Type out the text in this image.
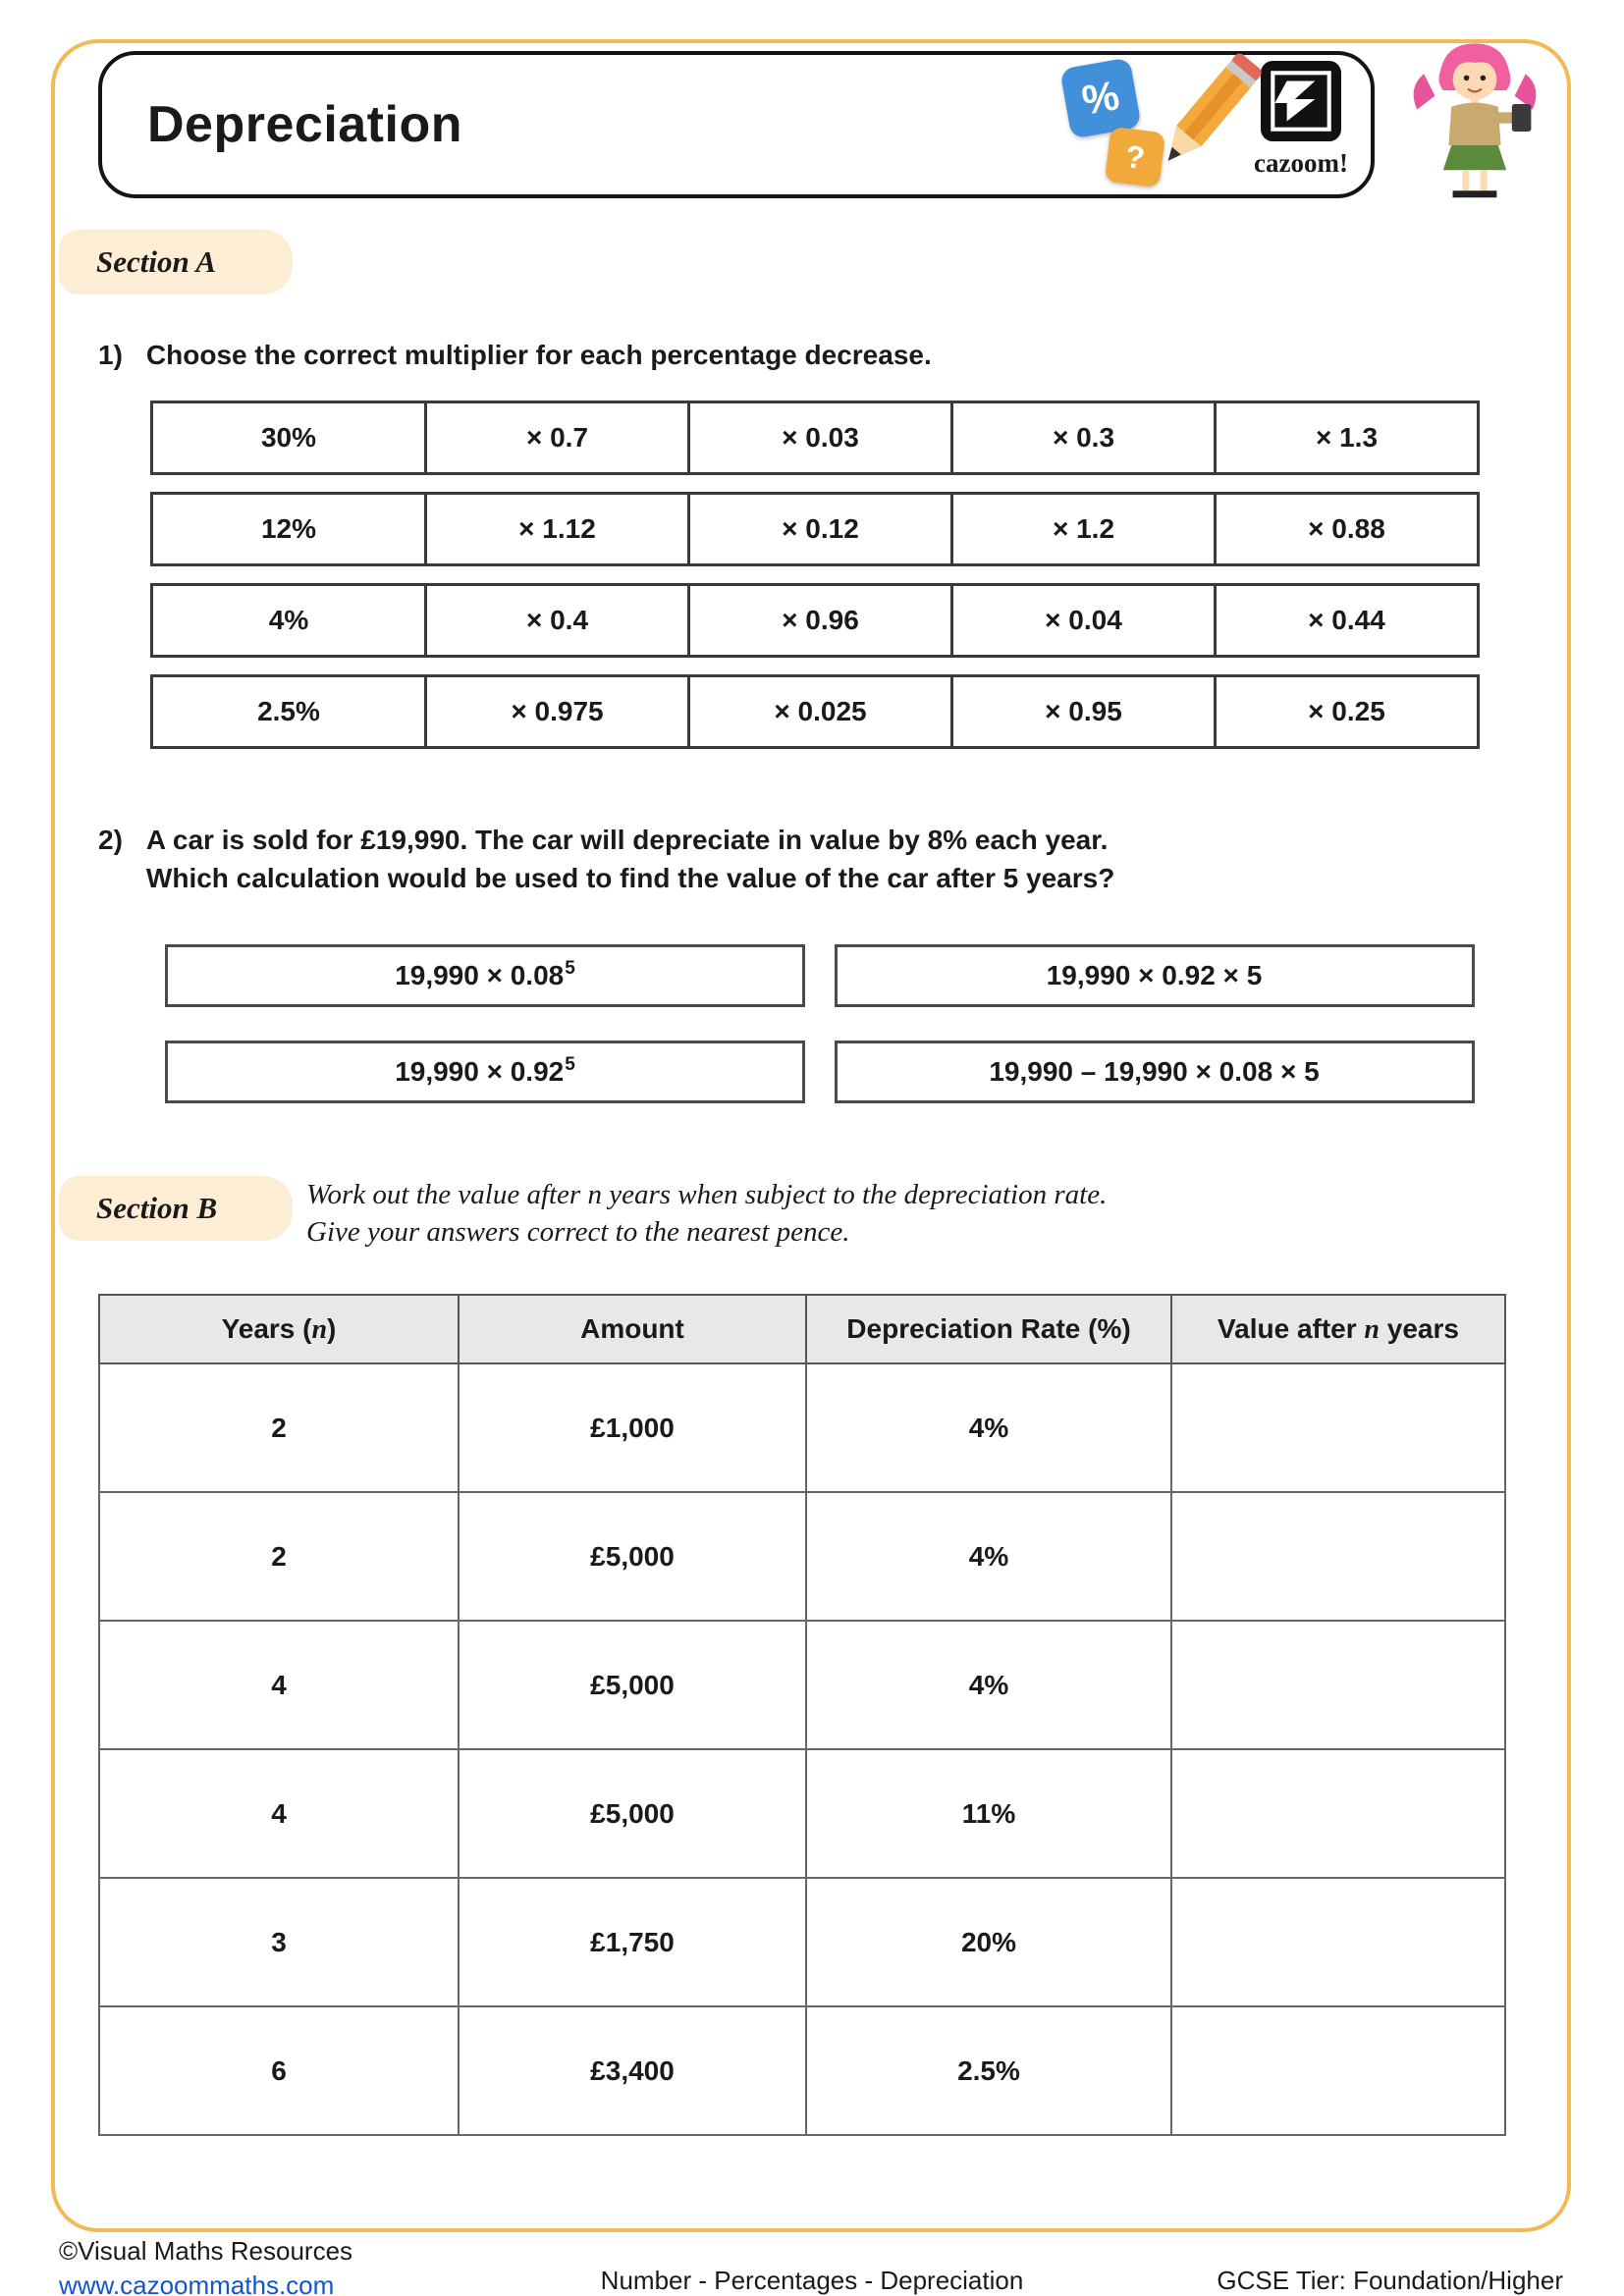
Depreciation	%
?	cazoom!
Section A
1) Choose the correct multiplier for each percentage decrease.
30%	× 0.7	× 0.03	× 0.3	× 1.3
12%	× 1.12	× 0.12	× 1.2	× 0.88
4%	× 0.4	× 0.96	× 0.04	× 0.44
2.5%	× 0.975	× 0.025	× 0.95	× 0.25
2) A car is sold for £19,990. The car will depreciate in value by 8% each year.
Which calculation would be used to find the value of the car after 5 years?
$19,990 \times 0.08^5$	19,990 × 0.92 × 5
$19,990 \times 0.92^5$	19,990 – 19,990 × 0.08 × 5
Section B	Work out the value after n years when subject to the depreciation rate.
Give your answers correct to the nearest pence.
Years (n)	Amount	Depreciation Rate (%)	Value after n years
2	£1,000	4%	
2	£5,000	4%	
4	£5,000	4%	
4	£5,000	11%	
3	£1,750	20%	
6	£3,400	2.5%	
©Visual Maths Resources
www.cazoommaths.com	Number - Percentages - Depreciation	GCSE Tier: Foundation/Higher
